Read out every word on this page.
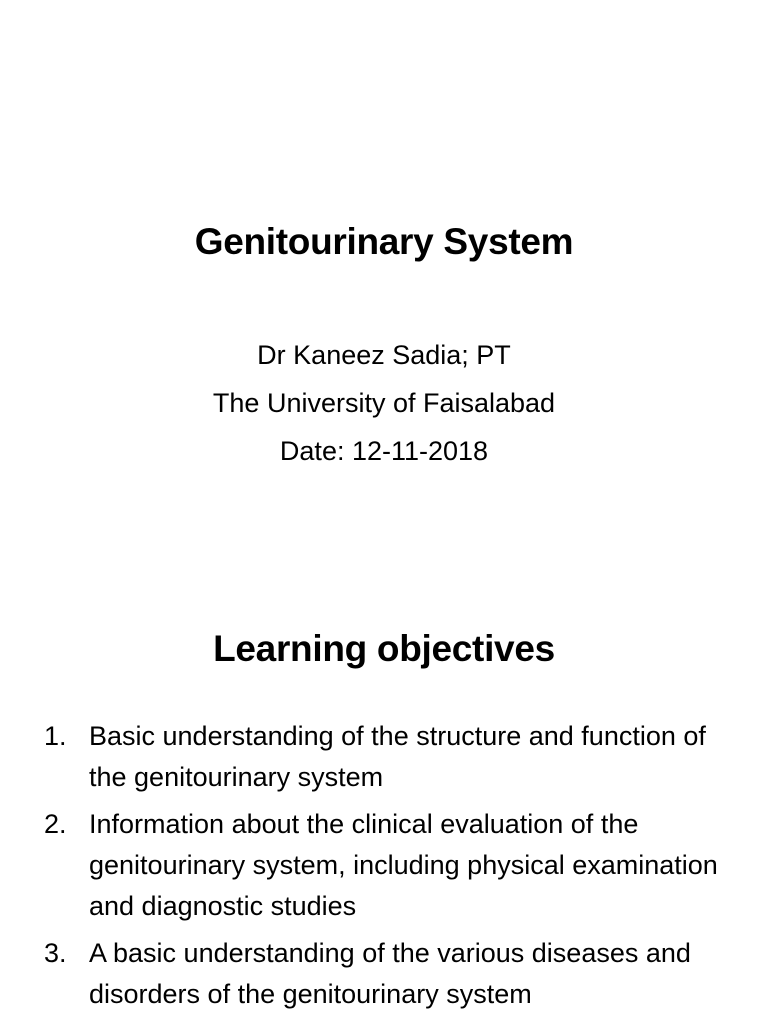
Genitourinary System
Dr Kaneez Sadia; PT
The University of Faisalabad
Date: 12-11-2018
Learning objectives
1. Basic understanding of the structure and function of the genitourinary system
2. Information about the clinical evaluation of the genitourinary system, including physical examination and diagnostic studies
3. A basic understanding of the various diseases and disorders of the genitourinary system
